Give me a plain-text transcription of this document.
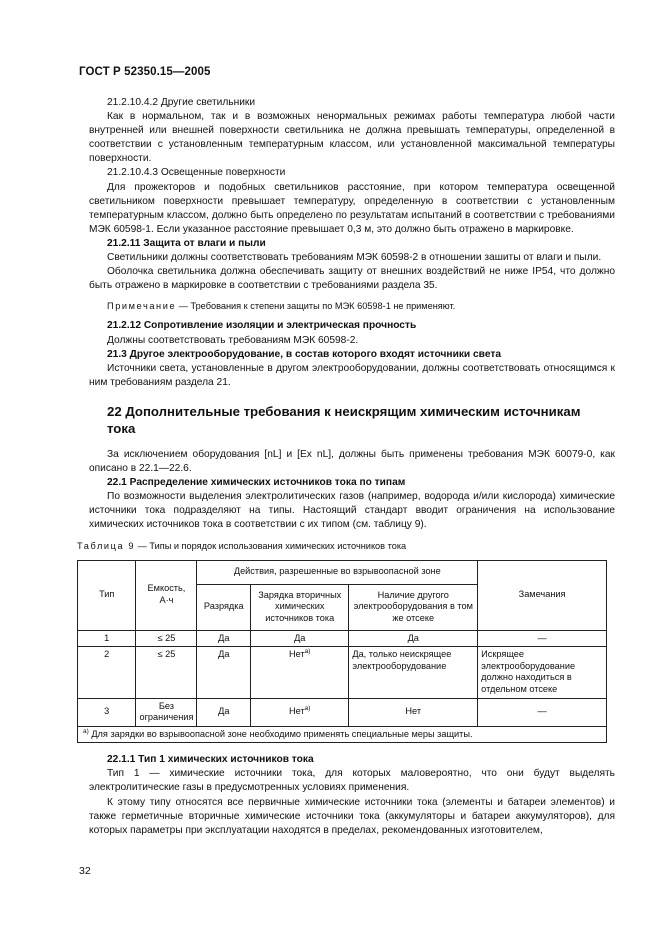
ГОСТ Р 52350.15—2005

21.2.10.4.2 Другие светильники

Как в нормальном, так и в возможных ненормальных режимах работы температура любой части внутренней или внешней поверхности светильника не должна превышать температуры, определенной в соответствии с установленным температурным классом, или установленной максимальной температуры поверхности.

21.2.10.4.3 Освещенные поверхности

Для прожекторов и подобных светильников расстояние, при котором температура освещенной светильником поверхности превышает температуру, определенную в соответствии с установленным температурным классом, должно быть определено по результатам испытаний в соответствии с требованиями МЭК 60598-1. Если указанное расстояние превышает 0,3 м, это должно быть отражено в маркировке.

21.2.11 Защита от влаги и пыли

Светильники должны соответствовать требованиям МЭК 60598-2 в отношении зашиты от влаги и пыли.

Оболочка светильника должна обеспечивать защиту от внешних воздействий не ниже IP54, что должно быть отражено в маркировке в соответствии с требованиями раздела 35.

Примечание — Требования к степени защиты по МЭК 60598-1 не применяют.

21.2.12 Сопротивление изоляции и электрическая прочность

Должны соответствовать требованиям МЭК 60598-2.

21.3 Другое электрооборудование, в состав которого входят источники света

Источники света, установленные в другом электрооборудовании, должны соответствовать относящимся к ним требованиям раздела 21.

22 Дополнительные требования к неискрящим химическим источникам
тока

За исключением оборудования [nL] и [Ex nL], должны быть применены требования МЭК 60079-0, как описано в 22.1—22.6.

22.1 Распределение химических источников тока по типам

По возможности выделения электролитических газов (например, водорода и/или кислорода) химические источники тока подразделяют на типы. Настоящий стандарт вводит ограничения на использование химических источников тока в соответствии с их типом (см. таблицу 9).

Таблица 9 — Типы и порядок использования химических источников тока

Тип	Емкость, А·ч	Действия, разрешенные во взрывоопасной зоне			Замечания
		Разрядка	Зарядка вторичных химических источников тока	Наличие другого электрооборудования в том же отсеке	
1	≤ 25	Да	Да	Да	—
2	≤ 25	Да	Нет$^{а)}$	Да, только неискрящее электрооборудование	Искрящее электрооборудование должно находиться в отдельном отсеке
3	Без ограничения	Да	Нет$^{а)}$	Нет	—
$^{а)}$ Для зарядки во взрывоопасной зоне необходимо применять специальные меры защиты.					

22.1.1 Тип 1 химических источников тока

Тип 1 — химические источники тока, для которых маловероятно, что они будут выделять электролитические газы в предусмотренных условиях применения.

К этому типу относятся все первичные химические источники тока (элементы и батареи элементов) и также герметичные вторичные химические источники тока (аккумуляторы и батареи аккумуляторов), для которых параметры при эксплуатации находятся в пределах, рекомендованных изготовителем,

32
